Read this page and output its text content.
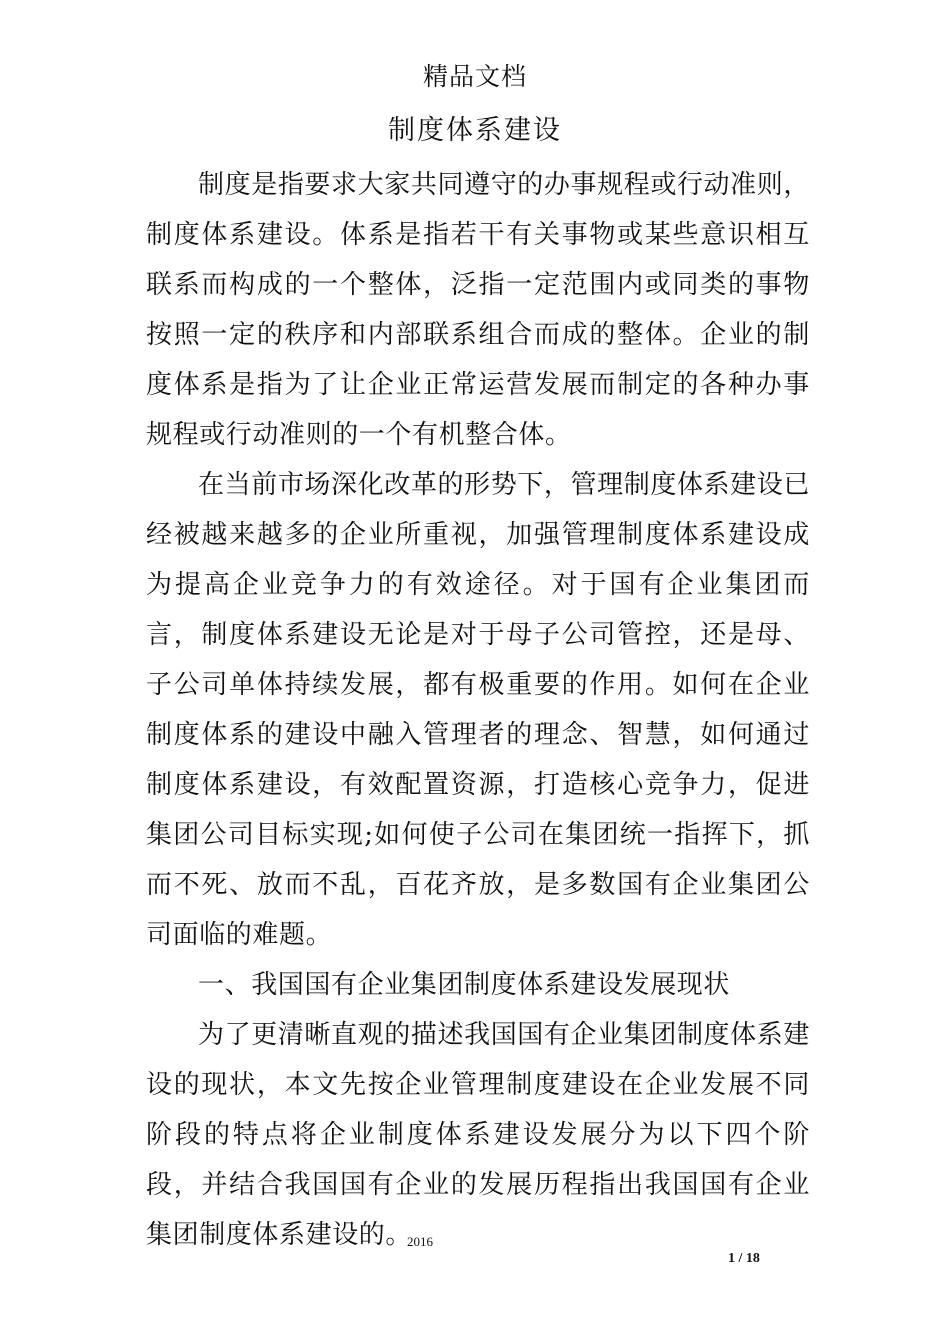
精品文档
制度体系建设

制度是指要求大家共同遵守的办事规程或行动准则，制度体系建设。体系是指若干有关事物或某些意识相互联系而构成的一个整体，泛指一定范围内或同类的事物按照一定的秩序和内部联系组合而成的整体。企业的制度体系是指为了让企业正常运营发展而制定的各种办事规程或行动准则的一个有机整合体。

在当前市场深化改革的形势下，管理制度体系建设已经被越来越多的企业所重视，加强管理制度体系建设成为提高企业竞争力的有效途径。对于国有企业集团而言，制度体系建设无论是对于母子公司管控，还是母、子公司单体持续发展，都有极重要的作用。如何在企业制度体系的建设中融入管理者的理念、智慧，如何通过制度体系建设，有效配置资源，打造核心竞争力，促进集团公司目标实现;如何使子公司在集团统一指挥下，抓而不死、放而不乱，百花齐放，是多数国有企业集团公司面临的难题。

一、我国国有企业集团制度体系建设发展现状

为了更清晰直观的描述我国国有企业集团制度体系建设的现状，本文先按企业管理制度建设在企业发展不同阶段的特点将企业制度体系建设发展分为以下四个阶段，并结合我国国有企业的发展历程指出我国国有企业集团制度体系建设的。

2016
1 / 18
